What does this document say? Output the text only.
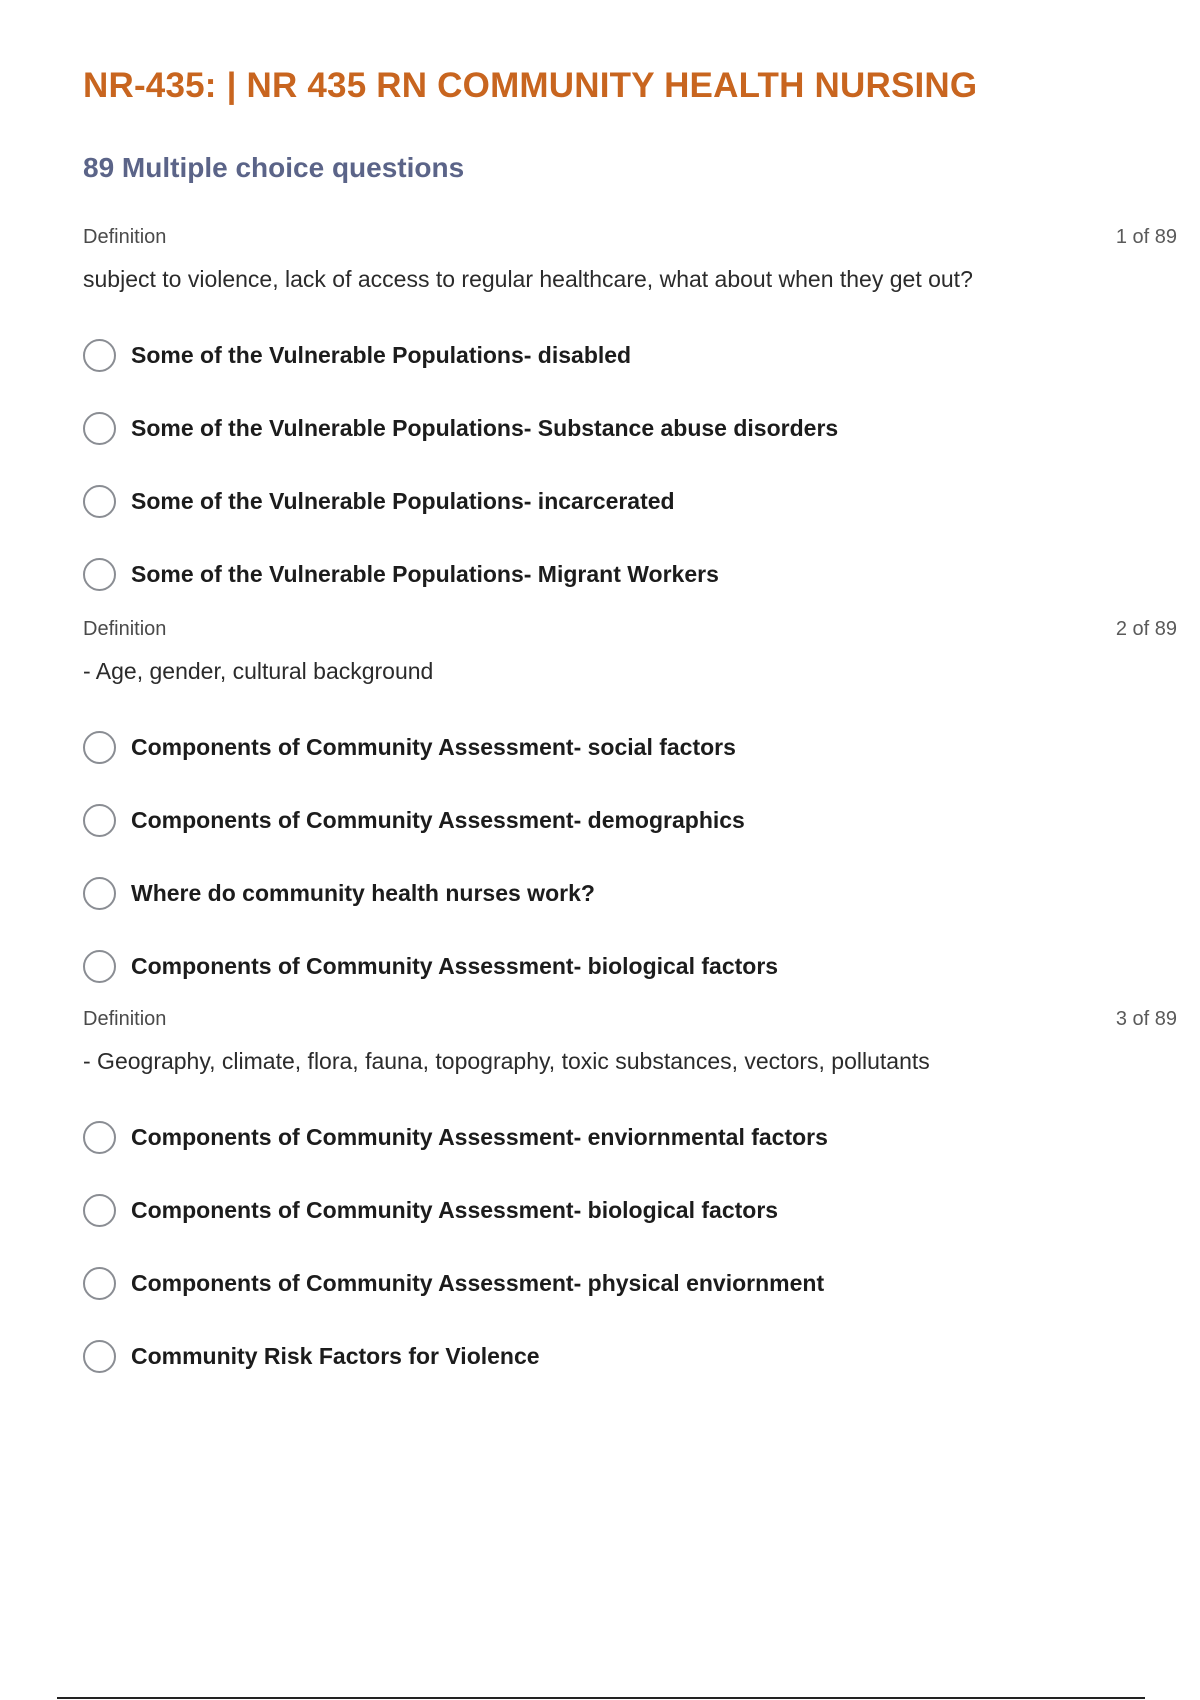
NR-435: | NR 435 RN COMMUNITY HEALTH NURSING
89 Multiple choice questions
Definition	1 of 89
subject to violence, lack of access to regular healthcare, what about when they get out?
Some of the Vulnerable Populations- disabled
Some of the Vulnerable Populations- Substance abuse disorders
Some of the Vulnerable Populations- incarcerated
Some of the Vulnerable Populations- Migrant Workers
Definition	2 of 89
- Age, gender, cultural background
Components of Community Assessment- social factors
Components of Community Assessment- demographics
Where do community health nurses work?
Components of Community Assessment- biological factors
Definition	3 of 89
- Geography, climate, flora, fauna, topography, toxic substances, vectors, pollutants
Components of Community Assessment- enviornmental factors
Components of Community Assessment- biological factors
Components of Community Assessment- physical enviornment
Community Risk Factors for Violence
